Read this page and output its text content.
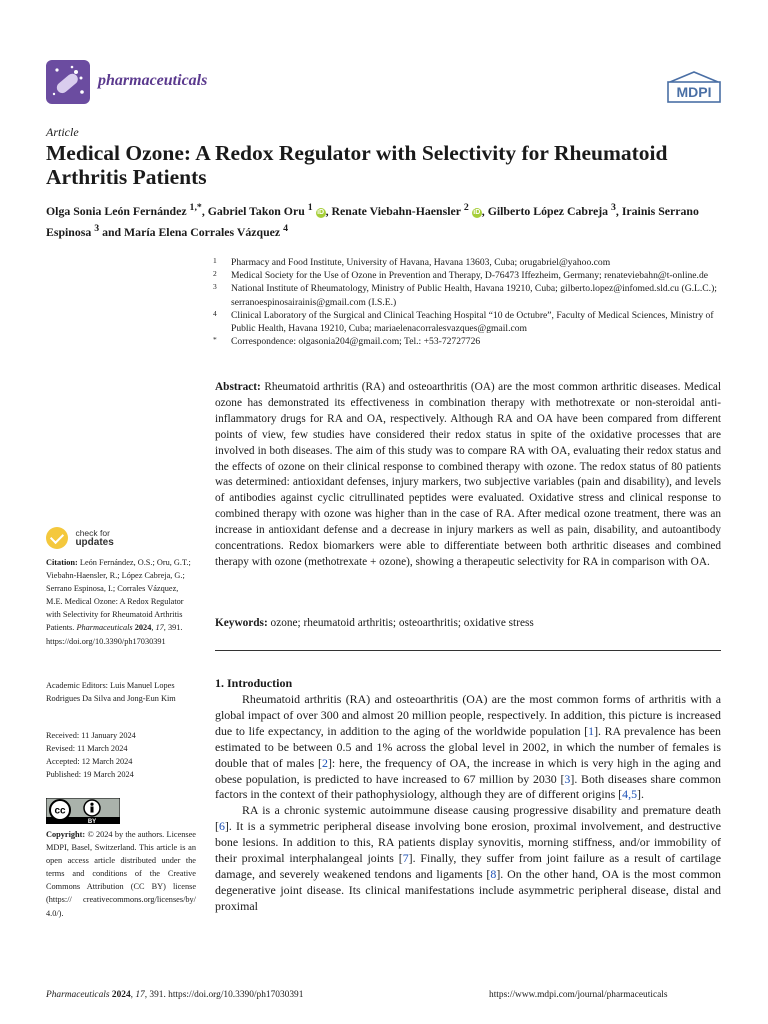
pharmaceuticals
MDPI
Article
Medical Ozone: A Redox Regulator with Selectivity for Rheumatoid Arthritis Patients

Olga Sonia León Fernández $^{1,*}$, Gabriel Takon Oru $^1$ iD , Renate Viebahn-Haensler $^2$ iD , Gilberto López Cabreja $^3$, Irainis Serrano Espinosa $^3$ and María Elena Corrales Vázquez $^4$

1 Pharmacy and Food Institute, University of Havana, Havana 13603, Cuba; orugabriel@yahoo.com
2 Medical Society for the Use of Ozone in Prevention and Therapy, D-76473 Iffezheim, Germany; renateviebahn@t-online.de
3 National Institute of Rheumatology, Ministry of Public Health, Havana 19210, Cuba; gilberto.lopez@infomed.sld.cu (G.L.C.); serranoespinosairainis@gmail.com (I.S.E.)
4 Clinical Laboratory of the Surgical and Clinical Teaching Hospital “10 de Octubre”, Faculty of Medical Sciences, Ministry of Public Health, Havana 19210, Cuba; mariaelenacorralesvazques@gmail.com
* Correspondence: olgasonia204@gmail.com; Tel.: +53-72727726

Abstract: Rheumatoid arthritis (RA) and osteoarthritis (OA) are the most common arthritic diseases. Medical ozone has demonstrated its effectiveness in combination therapy with methotrexate or non-steroidal anti-inflammatory drugs for RA and OA, respectively. Although RA and OA have been compared from different points of view, few studies have considered their redox status in spite of the oxidative processes that are involved in both diseases. The aim of this study was to compare RA with OA, evaluating their redox status and the effects of ozone on their clinical response to combined therapy with ozone. The redox status of 80 patients was determined: antioxidant defenses, injury markers, two subjective variables (pain and disability), and levels of antibodies against cyclic citrullinated peptides were evaluated. Oxidative stress and clinical response to combined therapy with ozone was higher than in the case of RA. After medical ozone treatment, there was an increase in antioxidant defense and a decrease in injury markers as well as pain, disability, and autoantibody concentrations. Redox biomarkers were able to differentiate between both arthritic diseases and combined therapy with ozone (methotrexate + ozone), showing a therapeutic selectivity for RA in comparison with OA.

Keywords: ozone; rheumatoid arthritis; osteoarthritis; oxidative stress

1. Introduction

Rheumatoid arthritis (RA) and osteoarthritis (OA) are the most common forms of arthritis with a global impact of over 300 and almost 20 million people, respectively. In addition, this picture is increased due to life expectancy, in addition to the aging of the worldwide population [1]. RA prevalence has been estimated to be between 0.5 and 1% across the global level in 2002, in which the number of females is double that of males [2]: here, the frequency of OA, the increase in which is very high in the aging and obese population, is predicted to have increased to 67 million by 2030 [3]. Both diseases share common factors in the context of their pathophysiology, although they are of different origins [4,5].

RA is a chronic systemic autoimmune disease causing progressive disability and premature death [6]. It is a symmetric peripheral disease involving bone erosion, proximal involvement, and destructive bone lesions. In addition to this, RA patients display synovitis, morning stiffness, and/or immobility of their proximal interphalangeal joints [7]. Finally, they suffer from joint failure as a result of cartilage damage, and severely weakened tendons and ligaments [8]. On the other hand, OA is the most common degenerative joint disease. Its clinical manifestations include asymmetric peripheral disease, distal and proximal

check for
updates

Citation: León Fernández, O.S.; Oru, G.T.; Viebahn-Haensler, R.; López Cabreja, G.; Serrano Espinosa, I.; Corrales Vázquez, M.E. Medical Ozone: A Redox Regulator with Selectivity for Rheumatoid Arthritis Patients. Pharmaceuticals 2024, 17, 391. https://doi.org/10.3390/ph17030391

Academic Editors: Luis Manuel Lopes Rodrigues Da Silva and Jong-Eun Kim

Received: 11 January 2024
Revised: 11 March 2024
Accepted: 12 March 2024
Published: 19 March 2024

cc
BY

Copyright: © 2024 by the authors. Licensee MDPI, Basel, Switzerland. This article is an open access article distributed under the terms and conditions of the Creative Commons Attribution (CC BY) license (https:// creativecommons.org/licenses/by/ 4.0/).

Pharmaceuticals 2024, 17, 391. https://doi.org/10.3390/ph17030391	https://www.mdpi.com/journal/pharmaceuticals
